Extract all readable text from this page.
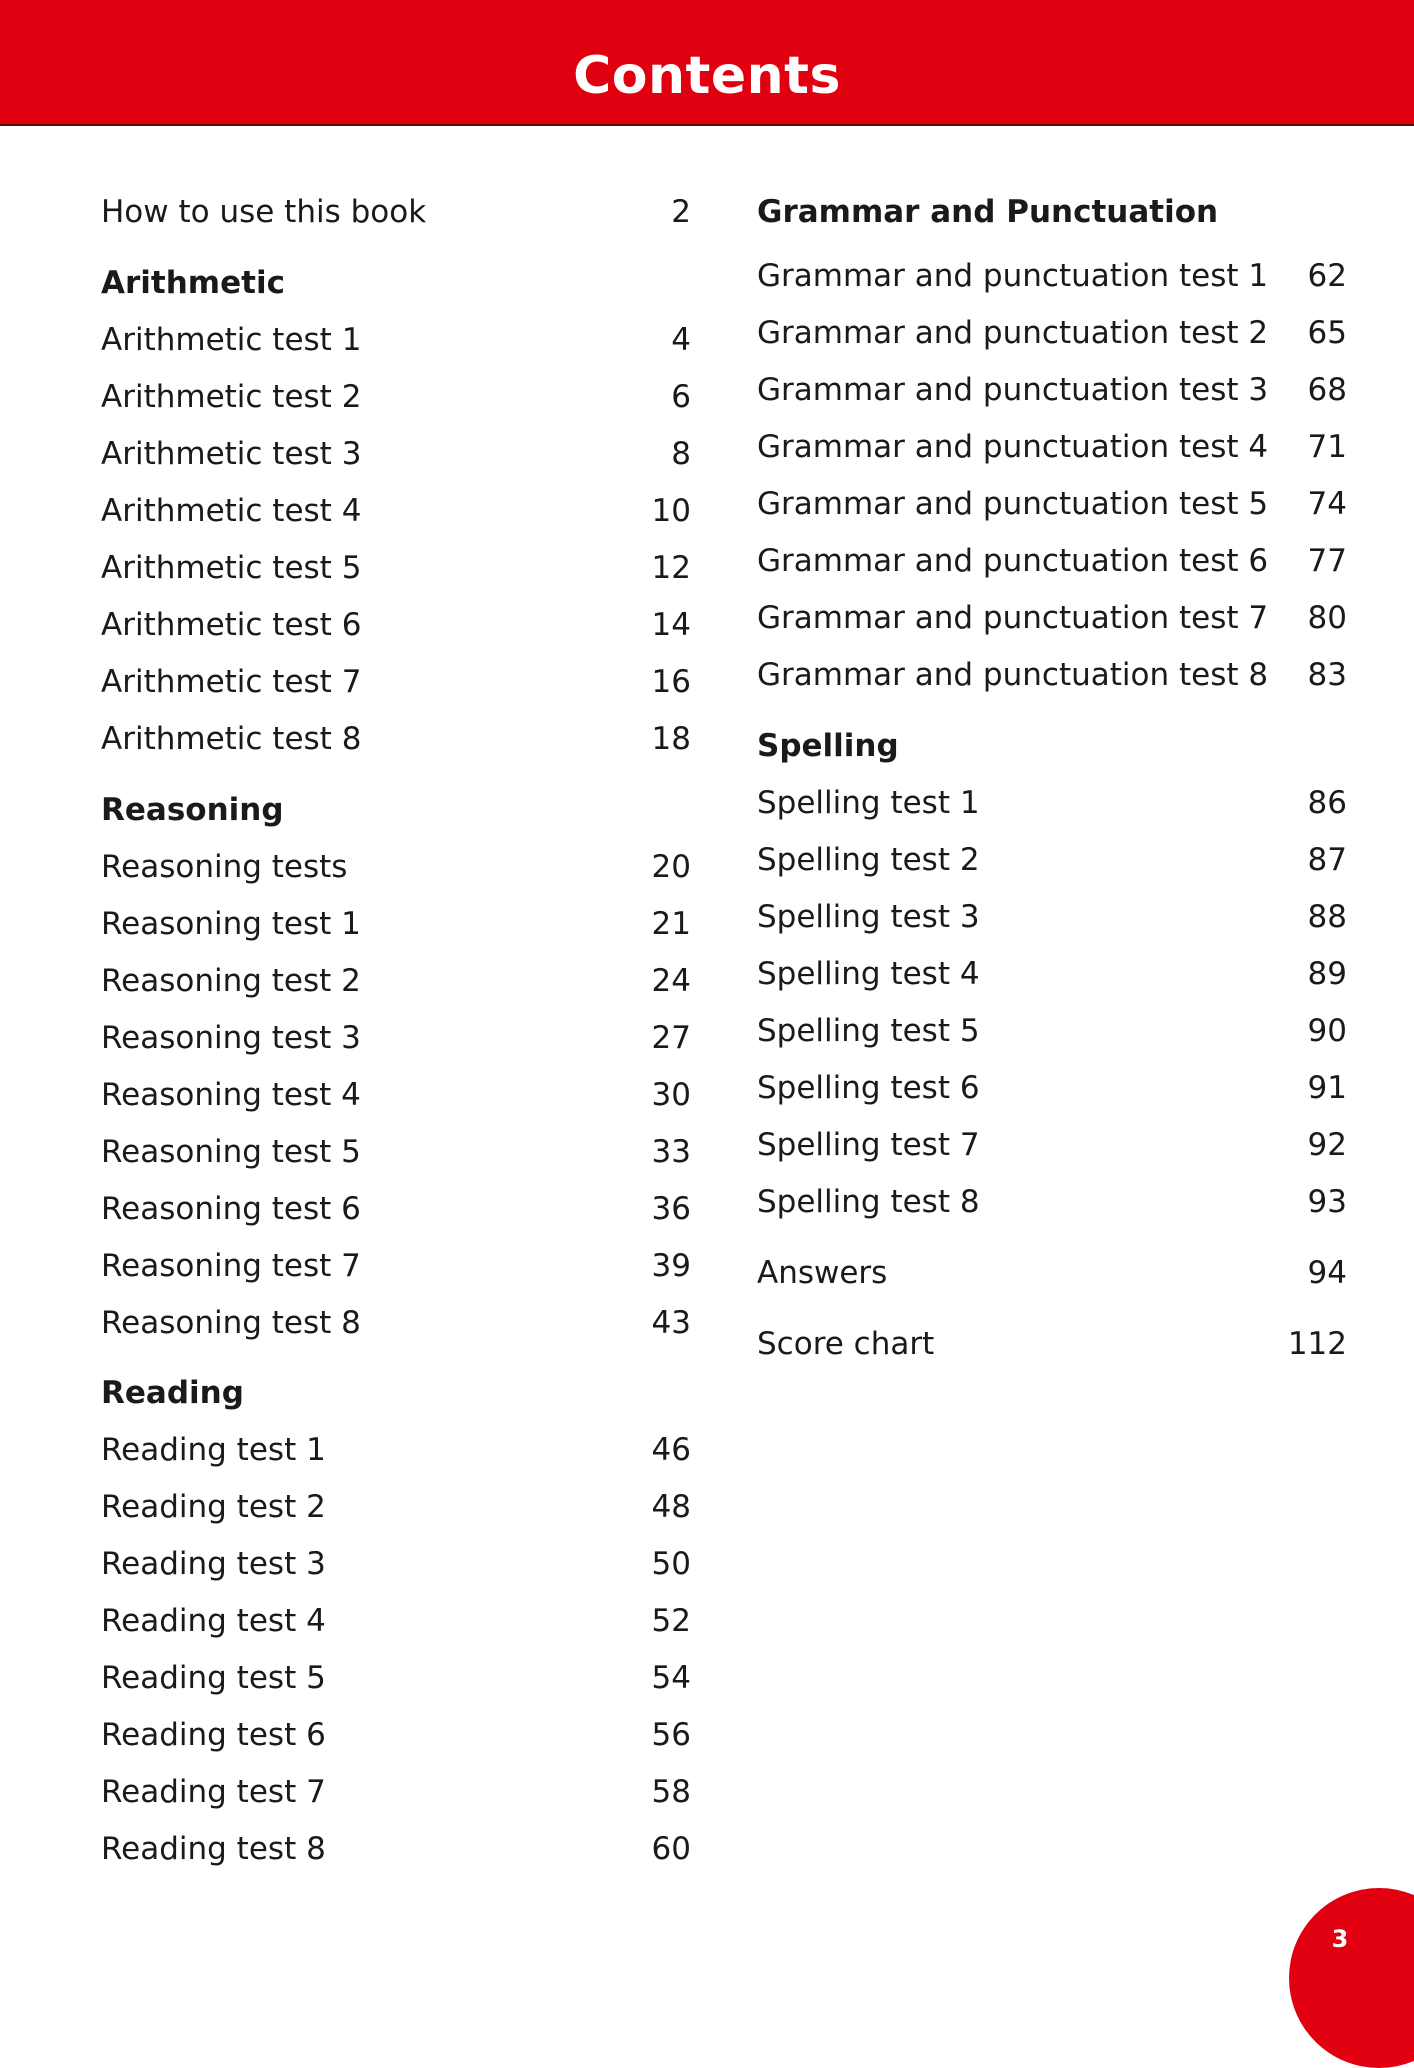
Contents
How to use this book	2
Arithmetic
Arithmetic test 1	4
Arithmetic test 2	6
Arithmetic test 3	8
Arithmetic test 4	10
Arithmetic test 5	12
Arithmetic test 6	14
Arithmetic test 7	16
Arithmetic test 8	18
Reasoning
Reasoning tests	20
Reasoning test 1	21
Reasoning test 2	24
Reasoning test 3	27
Reasoning test 4	30
Reasoning test 5	33
Reasoning test 6	36
Reasoning test 7	39
Reasoning test 8	43
Reading
Reading test 1	46
Reading test 2	48
Reading test 3	50
Reading test 4	52
Reading test 5	54
Reading test 6	56
Reading test 7	58
Reading test 8	60
Grammar and Punctuation
Grammar and punctuation test 1 62
Grammar and punctuation test 2 65
Grammar and punctuation test 3 68
Grammar and punctuation test 4 71
Grammar and punctuation test 5 74
Grammar and punctuation test 6 77
Grammar and punctuation test 7 80
Grammar and punctuation test 8 83
Spelling
Spelling test 1	86
Spelling test 2	87
Spelling test 3	88
Spelling test 4	89
Spelling test 5	90
Spelling test 6	91
Spelling test 7	92
Spelling test 8	93
Answers	94
Score chart	112
3
